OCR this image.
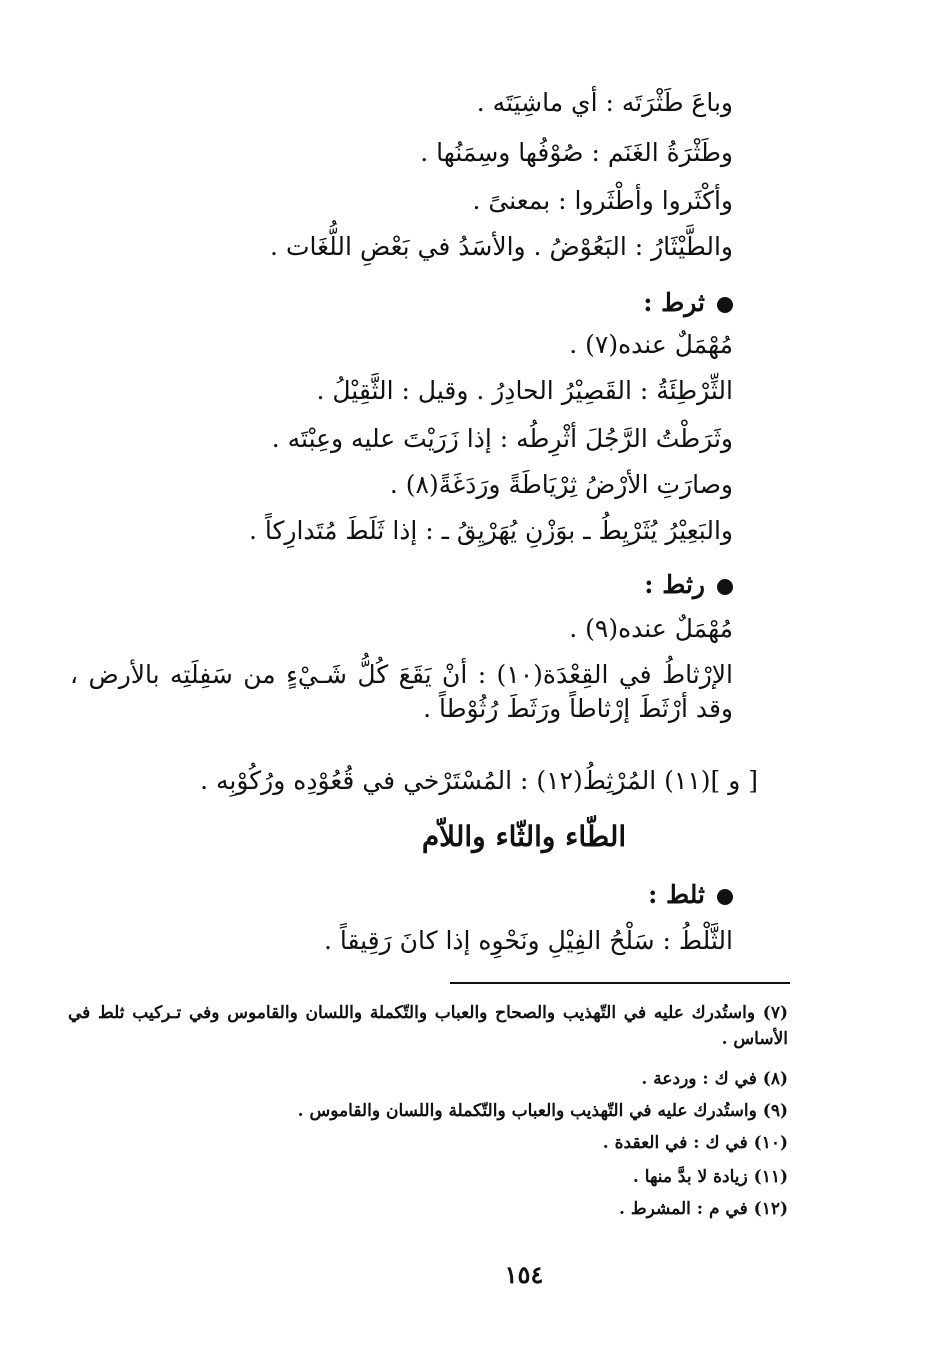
وباعَ طَثْرَتَه : أي ماشِيَتَه .
وطَثْرَةُ الغَنَم : صُوْفُها وسِمَنُها .
وأكْثَروا وأطْثَروا : بمعنىً .
والطَّيْثَارُ : البَعُوْضُ . والأسَدُ في بَعْضِ اللُّغَات .
ثرط :
مُهْمَلٌ عنده(٧) .
الثِّرْطِئَةُ : القَصِيْرُ الحادِرُ . وقيل : الثَّقِيْلُ .
وثَرَطْتُ الرَّجُلَ أثْرِطُه : إذا زَرَيْتَ عليه وعِبْتَه .
وصارَتِ الأرْضُ ثِرْيَاطَةً ورَدَغَةً(٨) .
والبَعِيْرُ يُثَرْيِطُ ـ بوَزْنِ يُهَرْيِقُ ـ : إذا ثَلَطَ مُتَدارِكاً .
رثط :
مُهْمَلٌ عنده(٩) .
الإرْثاطُ في القِعْدَة(١٠) : أنْ يَقَعَ كُلُّ شَـيْءٍ من سَفِلَتِه بالأرض ، وقد أرْثَطَ إرْثاطاً ورَثَطَ رُثُوْطاً .
[ و ](١١) المُرْثِطُ(١٢) : المُسْتَرْخي في قُعُوْدِه ورُكُوْبِه .
الطّاء والثّاء واللاّم
ثلط :
الثَّلْطُ : سَلْحُ الفِيْلِ ونَحْوِه إذا كانَ رَقِيقاً .
(٧) واستُدرك عليه في التّهذيب والصحاح والعباب والتّكملة واللسان والقاموس وفي تـركيب ثلط في الأساس .
(٨) في ك : وردعة .
(٩) واستُدرك عليه في التّهذيب والعباب والتّكملة واللسان والقاموس .
(١٠) في ك : في العقدة .
(١١) زيادة لا بدَّ منها .
(١٢) في م : المشرط .
١٥٤
